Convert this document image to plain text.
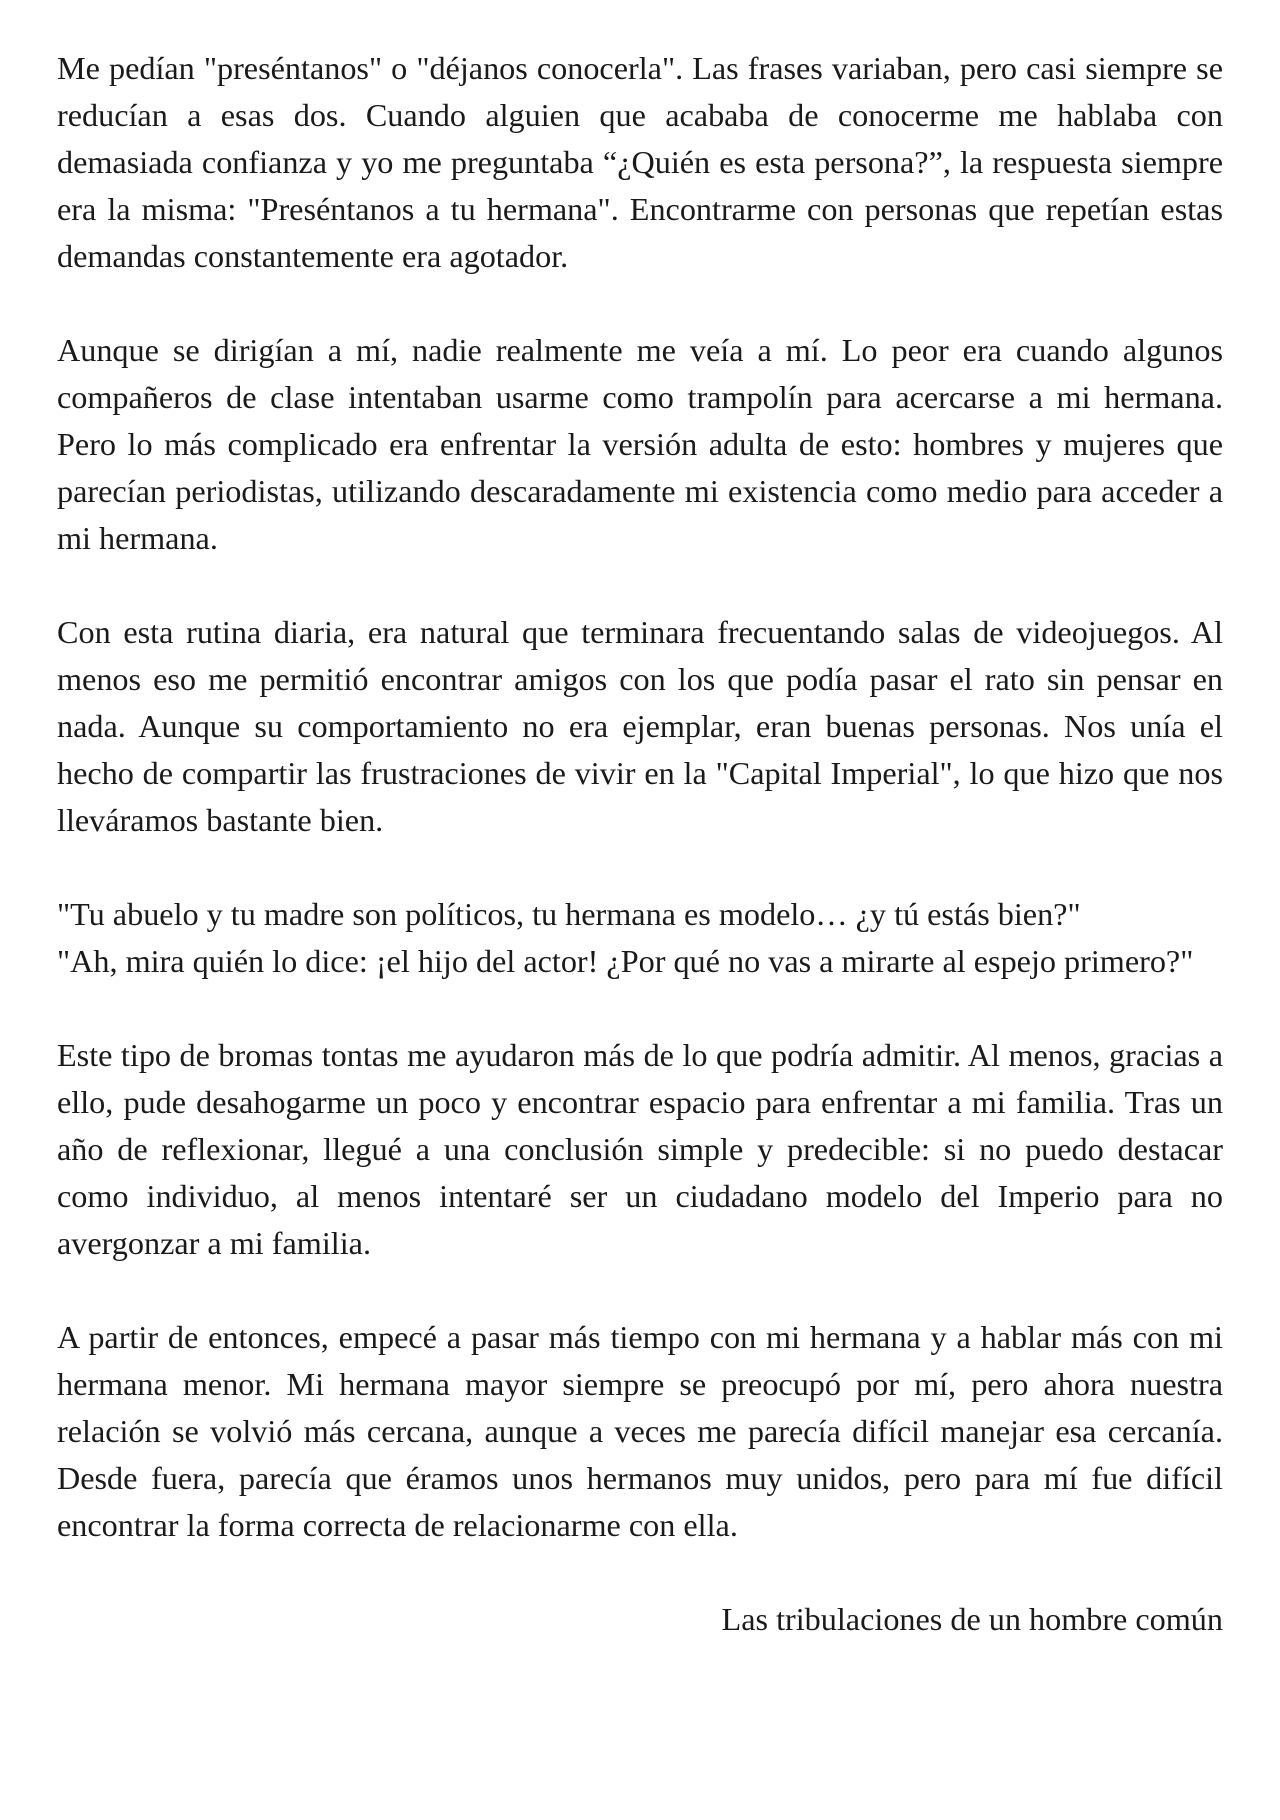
Me pedían "preséntanos" o "déjanos conocerla". Las frases variaban, pero casi siempre se reducían a esas dos. Cuando alguien que acababa de conocerme me hablaba con demasiada confianza y yo me preguntaba “¿Quién es esta persona?”, la respuesta siempre era la misma: "Preséntanos a tu hermana". Encontrarme con personas que repetían estas demandas constantemente era agotador.

Aunque se dirigían a mí, nadie realmente me veía a mí. Lo peor era cuando algunos compañeros de clase intentaban usarme como trampolín para acercarse a mi hermana. Pero lo más complicado era enfrentar la versión adulta de esto: hombres y mujeres que parecían periodistas, utilizando descaradamente mi existencia como medio para acceder a mi hermana.

Con esta rutina diaria, era natural que terminara frecuentando salas de videojuegos. Al menos eso me permitió encontrar amigos con los que podía pasar el rato sin pensar en nada. Aunque su comportamiento no era ejemplar, eran buenas personas. Nos unía el hecho de compartir las frustraciones de vivir en la "Capital Imperial", lo que hizo que nos lleváramos bastante bien.

"Tu abuelo y tu madre son políticos, tu hermana es modelo… ¿y tú estás bien?"
"Ah, mira quién lo dice: ¡el hijo del actor! ¿Por qué no vas a mirarte al espejo primero?"

Este tipo de bromas tontas me ayudaron más de lo que podría admitir. Al menos, gracias a ello, pude desahogarme un poco y encontrar espacio para enfrentar a mi familia. Tras un año de reflexionar, llegué a una conclusión simple y predecible: si no puedo destacar como individuo, al menos intentaré ser un ciudadano modelo del Imperio para no avergonzar a mi familia.

A partir de entonces, empecé a pasar más tiempo con mi hermana y a hablar más con mi hermana menor. Mi hermana mayor siempre se preocupó por mí, pero ahora nuestra relación se volvió más cercana, aunque a veces me parecía difícil manejar esa cercanía. Desde fuera, parecía que éramos unos hermanos muy unidos, pero para mí fue difícil encontrar la forma correcta de relacionarme con ella.

Las tribulaciones de un hombre común
